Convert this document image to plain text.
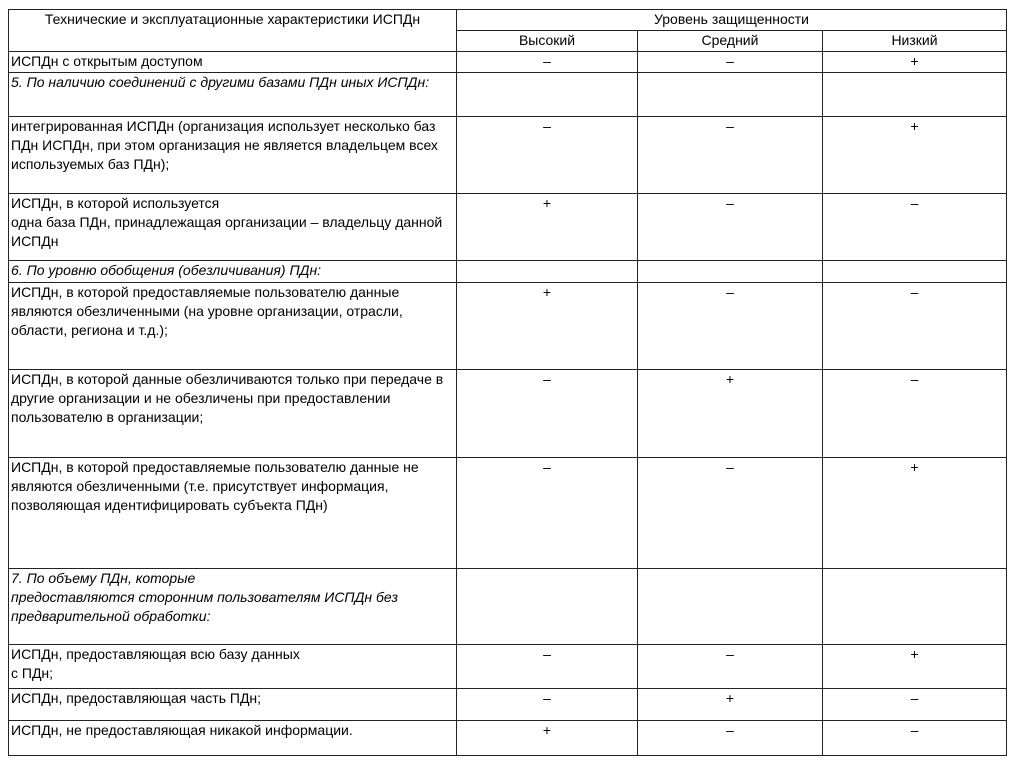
Технические и эксплуатационные характеристики ИСПДн	Уровень защищенности		
	Высокий	Средний	Низкий
ИСПДн с открытым доступом	–	–	+
5. По наличию соединений с другими базами ПДн иных ИСПДн:			
интегрированная ИСПДн (организация использует несколько баз ПДн ИСПДн, при этом организация не является владельцем всех используемых баз ПДн);	–	–	+
ИСПДн, в которой используется
одна база ПДн, принадлежащая организации – владельцу данной ИСПДн	+	–	–
6. По уровню обобщения (обезличивания) ПДн:			
ИСПДн, в которой предоставляемые пользователю данные являются обезличенными (на уровне организации, отрасли, области, региона и т.д.);	+	–	–
ИСПДн, в которой данные обезличиваются только при передаче в другие организации и не обезличены при предоставлении пользователю в организации;	–	+	–
ИСПДн, в которой предоставляемые пользователю данные не являются обезличенными (т.е. присутствует информация, позволяющая идентифицировать субъекта ПДн)	–	–	+
7. По объему ПДн, которые
предоставляются сторонним пользователям ИСПДн без предварительной обработки:			
ИСПДн, предоставляющая всю базу данных
с ПДн;	–	–	+
ИСПДн, предоставляющая часть ПДн;	–	+	–
ИСПДн, не предоставляющая никакой информации.	+	–	–
